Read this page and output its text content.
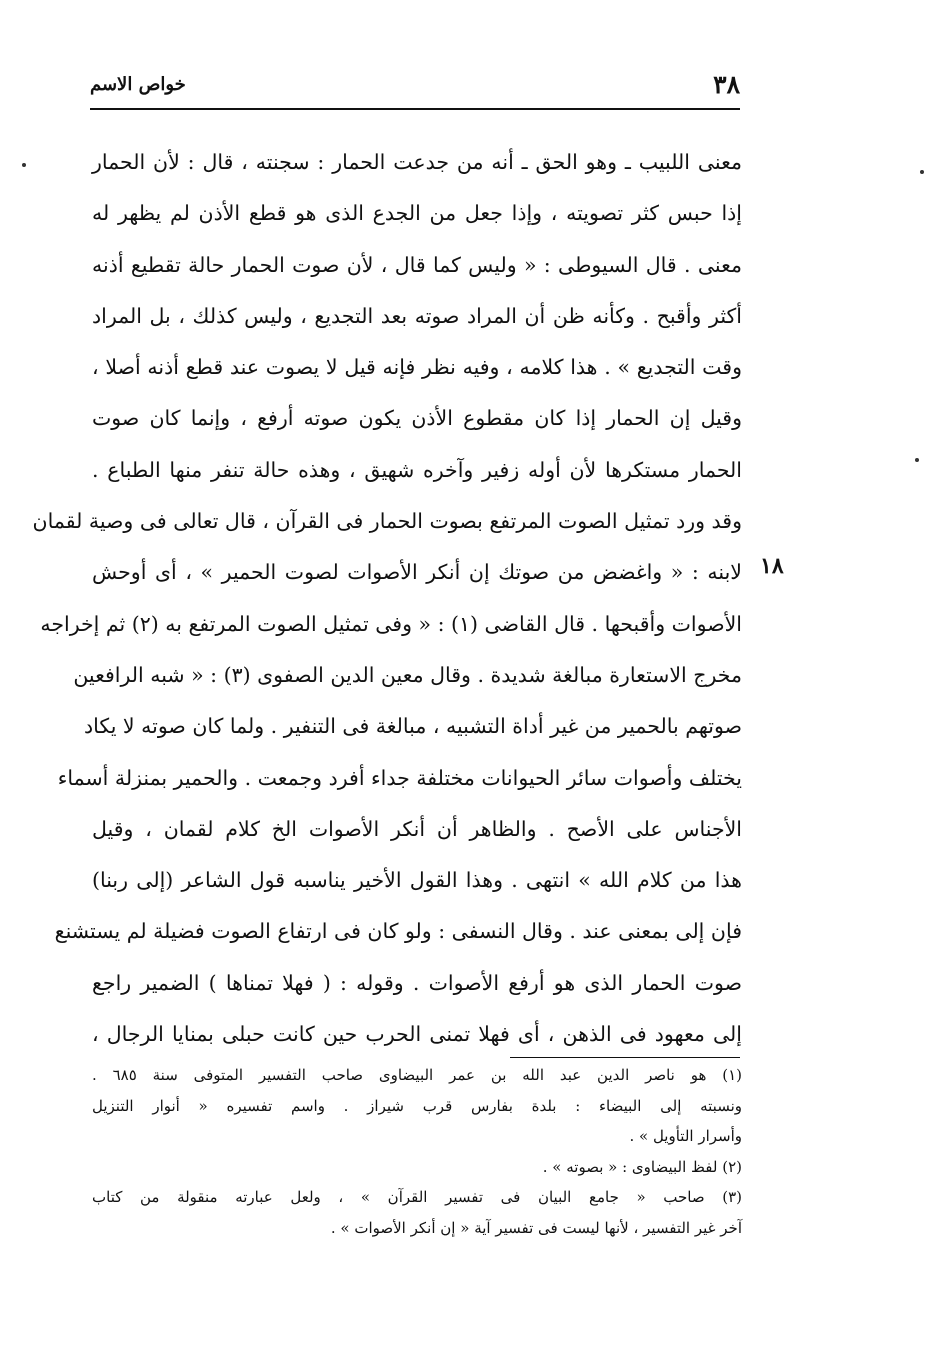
٣٨
خواص الاسم
١٨
معنى اللبيب ـ وهو الحق ـ أنه من جدعت الحمار : سجنته ، قال : لأن الحمار
إذا حبس كثر تصويته ، وإذا جعل من الجدع الذى هو قطع الأذن لم يظهر له
معنى . قال السيوطى : « وليس كما قال ، لأن صوت الحمار حالة تقطيع أذنه
أكثر وأقبح . وكأنه ظن أن المراد صوته بعد التجديع ، وليس كذلك ، بل المراد
وقت التجديع » . هذا كلامه ، وفيه نظر فإنه قيل لا يصوت عند قطع أذنه أصلا ،
وقيل إن الحمار إذا كان مقطوع الأذن يكون صوته أرفع ، وإنما كان صوت
الحمار مستكرها لأن أوله زفير وآخره شهيق ، وهذه حالة تنفر منها الطباع .
وقد ورد تمثيل الصوت المرتفع بصوت الحمار فى القرآن ، قال تعالى فى وصية لقمان
لابنه : « واغضض من صوتك إن أنكر الأصوات لصوت الحمير » ، أى أوحش
الأصوات وأقبحها . قال القاضى (١) : « وفى تمثيل الصوت المرتفع به (٢) ثم إخراجه
مخرج الاستعارة مبالغة شديدة . وقال معين الدين الصفوى (٣) : « شبه الرافعين
صوتهم بالحمير من غير أداة التشبيه ، مبالغة فى التنفير . ولما كان صوته لا يكاد
يختلف وأصوات سائر الحيوانات مختلفة جداء أفرد وجمعت . والحمير بمنزلة أسماء
الأجناس على الأصح . والظاهر أن أنكر الأصوات الخ كلام لقمان ، وقيل
هذا من كلام الله » انتهى . وهذا القول الأخير يناسبه قول الشاعر (إلى ربنا)
فإن إلى بمعنى عند . وقال النسفى : ولو كان فى ارتفاع الصوت فضيلة لم يستشنع
صوت الحمار الذى هو أرفع الأصوات . وقوله : ( فهلا تمناها ) الضمير راجع
إلى معهود فى الذهن ، أى فهلا تمنى الحرب حين كانت حبلى بمنايا الرجال ،
(١) هو ناصر الدين عبد الله بن عمر البيضاوى صاحب التفسير المتوفى سنة ٦٨٥ .
ونسبته إلى البيضاء : بلدة بفارس قرب شيراز . واسم تفسيره « أنوار التنزيل
وأسرار التأويل » .
(٢) لفظ البيضاوى : « بصوته » .
(٣) صاحب « جامع البيان فى تفسير القرآن » ، ولعل عبارته منقولة من كتاب
آخر غير التفسير ، لأنها ليست فى تفسير آية « إن أنكر الأصوات » .
